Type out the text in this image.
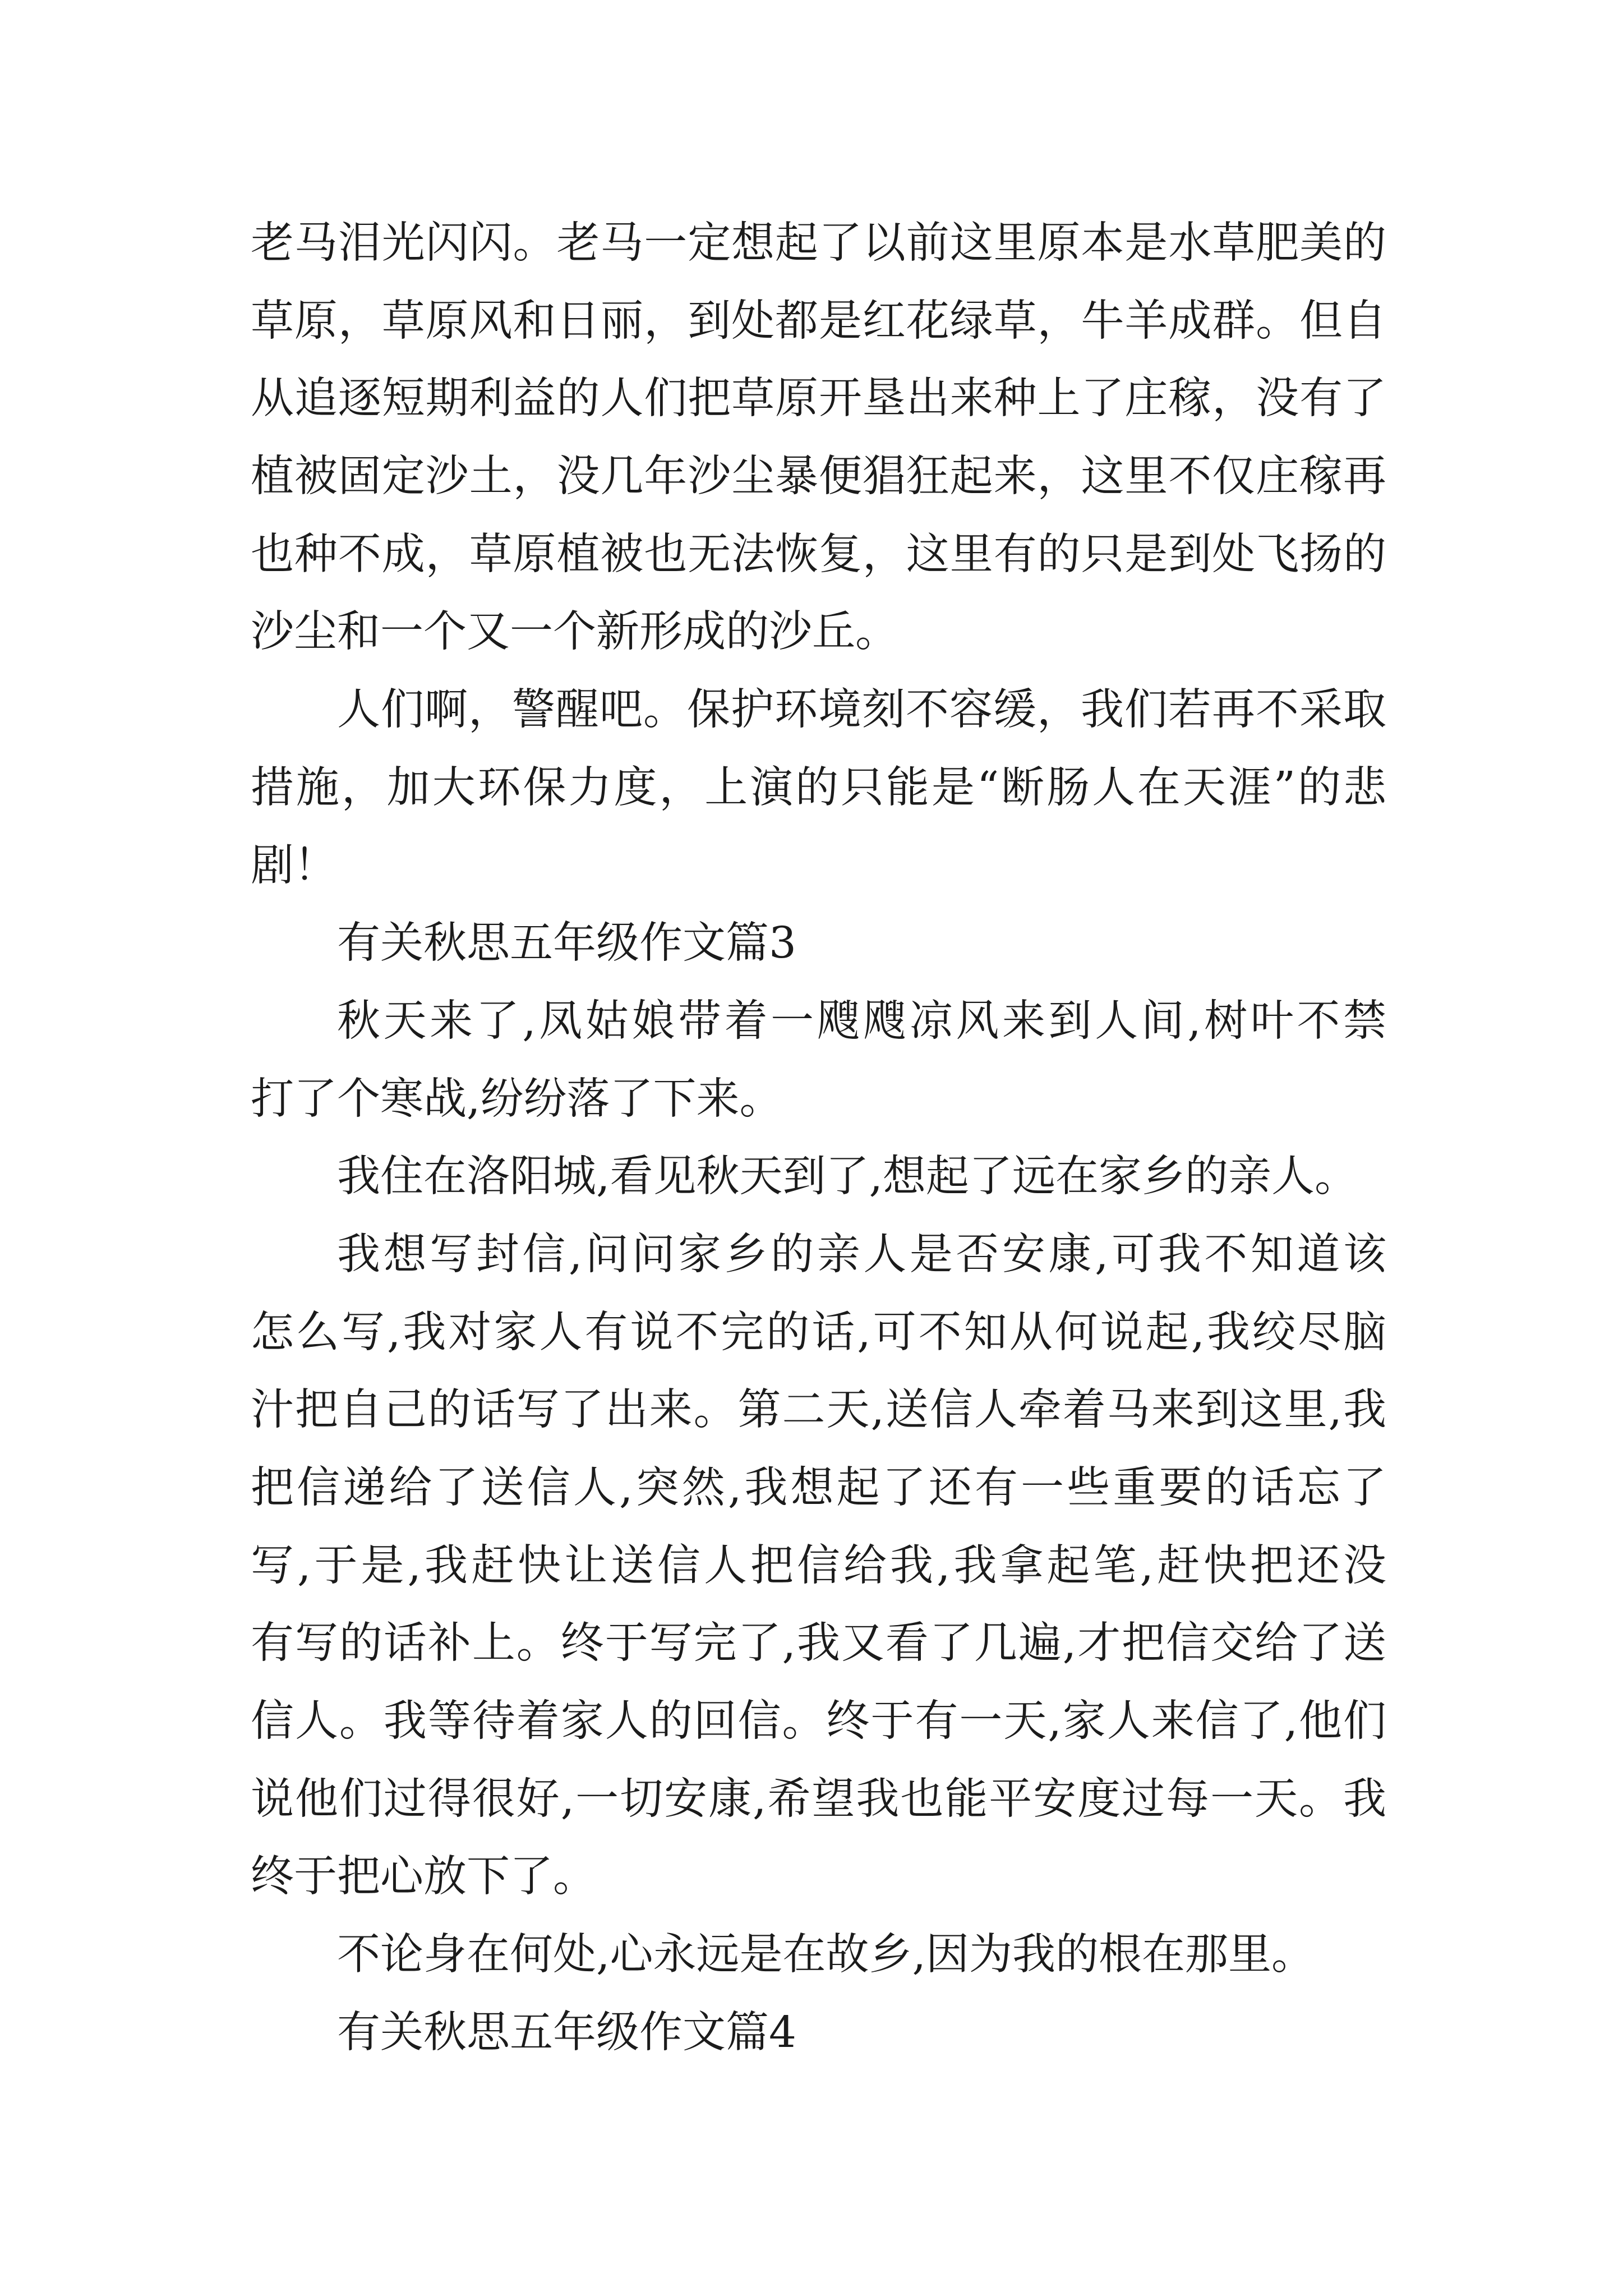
老马泪光闪闪。老马一定想起了以前这里原本是水草肥美的
草原，草原风和日丽，到处都是红花绿草，牛羊成群。但自
从追逐短期利益的人们把草原开垦出来种上了庄稼，没有了
植被固定沙土，没几年沙尘暴便猖狂起来，这里不仅庄稼再
也种不成，草原植被也无法恢复，这里有的只是到处飞扬的
沙尘和一个又一个新形成的沙丘。
人们啊，警醒吧。保护环境刻不容缓，我们若再不采取
措施，加大环保力度，上演的只能是“断肠人在天涯”的悲
剧！
有关秋思五年级作文篇3
秋天来了,凤姑娘带着一飕飕凉风来到人间,树叶不禁
打了个寒战,纷纷落了下来。
我住在洛阳城,看见秋天到了,想起了远在家乡的亲人。
我想写封信,问问家乡的亲人是否安康,可我不知道该
怎么写,我对家人有说不完的话,可不知从何说起,我绞尽脑
汁把自己的话写了出来。第二天,送信人牵着马来到这里,我
把信递给了送信人,突然,我想起了还有一些重要的话忘了
写,于是,我赶快让送信人把信给我,我拿起笔,赶快把还没
有写的话补上。终于写完了,我又看了几遍,才把信交给了送
信人。我等待着家人的回信。终于有一天,家人来信了,他们
说他们过得很好,一切安康,希望我也能平安度过每一天。我
终于把心放下了。
不论身在何处,心永远是在故乡,因为我的根在那里。
有关秋思五年级作文篇4
